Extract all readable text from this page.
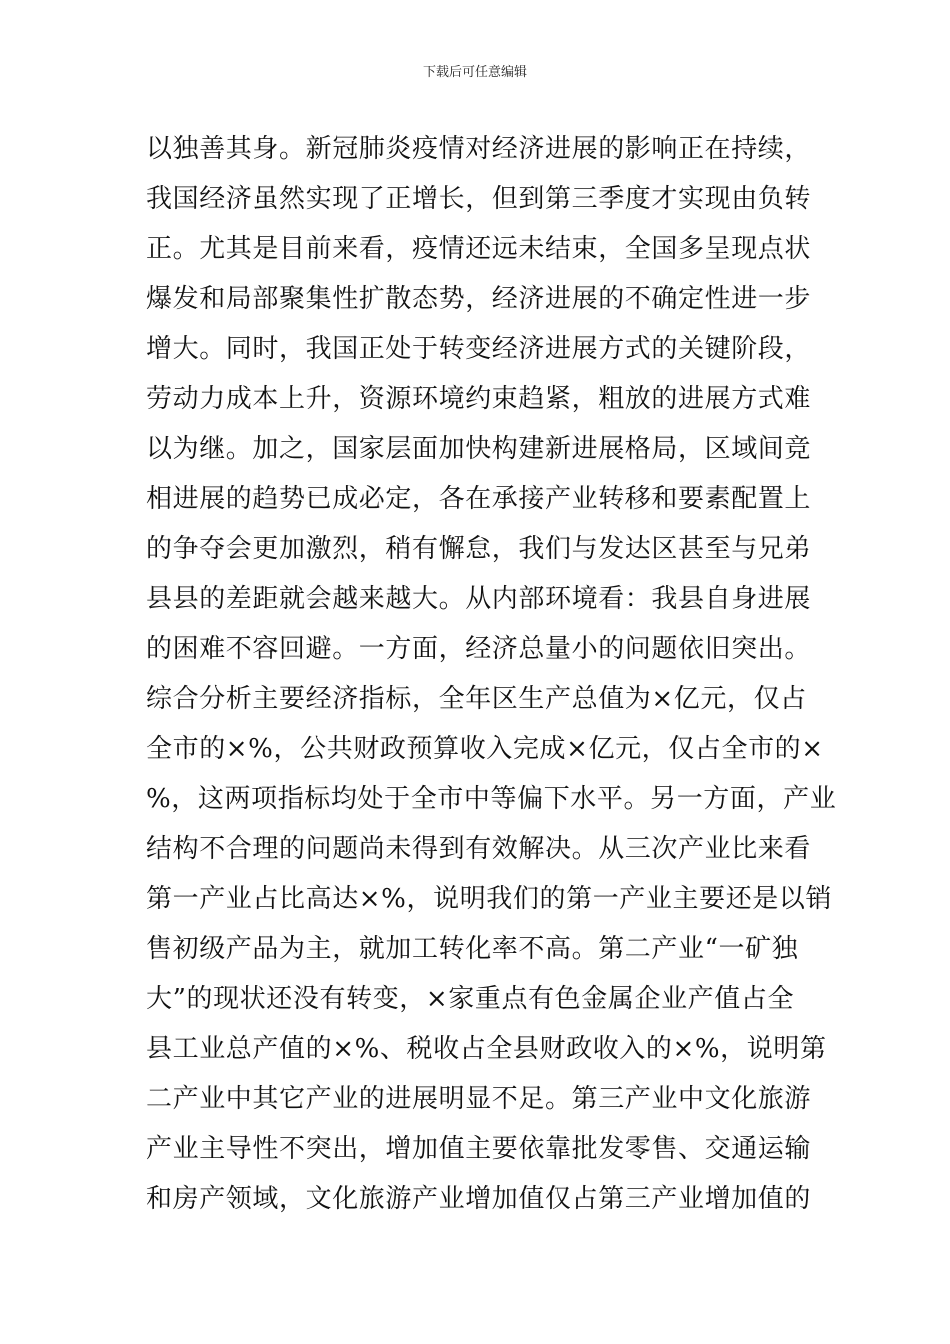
下载后可任意编辑
以独善其身。新冠肺炎疫情对经济进展的影响正在持续，
我国经济虽然实现了正增长，但到第三季度才实现由负转
正。尤其是目前来看，疫情还远未结束，全国多呈现点状
爆发和局部聚集性扩散态势，经济进展的不确定性进一步
增大。同时，我国正处于转变经济进展方式的关键阶段，
劳动力成本上升，资源环境约束趋紧，粗放的进展方式难
以为继。加之，国家层面加快构建新进展格局，区域间竞
相进展的趋势已成必定，各在承接产业转移和要素配置上
的争夺会更加激烈，稍有懈怠，我们与发达区甚至与兄弟
县县的差距就会越来越大。从内部环境看：我县自身进展
的困难不容回避。一方面，经济总量小的问题依旧突出。
综合分析主要经济指标，全年区生产总值为×亿元，仅占
全市的×%，公共财政预算收入完成×亿元，仅占全市的×
%，这两项指标均处于全市中等偏下水平。另一方面，产业
结构不合理的问题尚未得到有效解决。从三次产业比来看
第一产业占比高达×%，说明我们的第一产业主要还是以销
售初级产品为主，就加工转化率不高。第二产业“一矿独
大”的现状还没有转变，×家重点有色金属企业产值占全
县工业总产值的×%、税收占全县财政收入的×%，说明第
二产业中其它产业的进展明显不足。第三产业中文化旅游
产业主导性不突出，增加值主要依靠批发零售、交通运输
和房产领域，文化旅游产业增加值仅占第三产业增加值的
